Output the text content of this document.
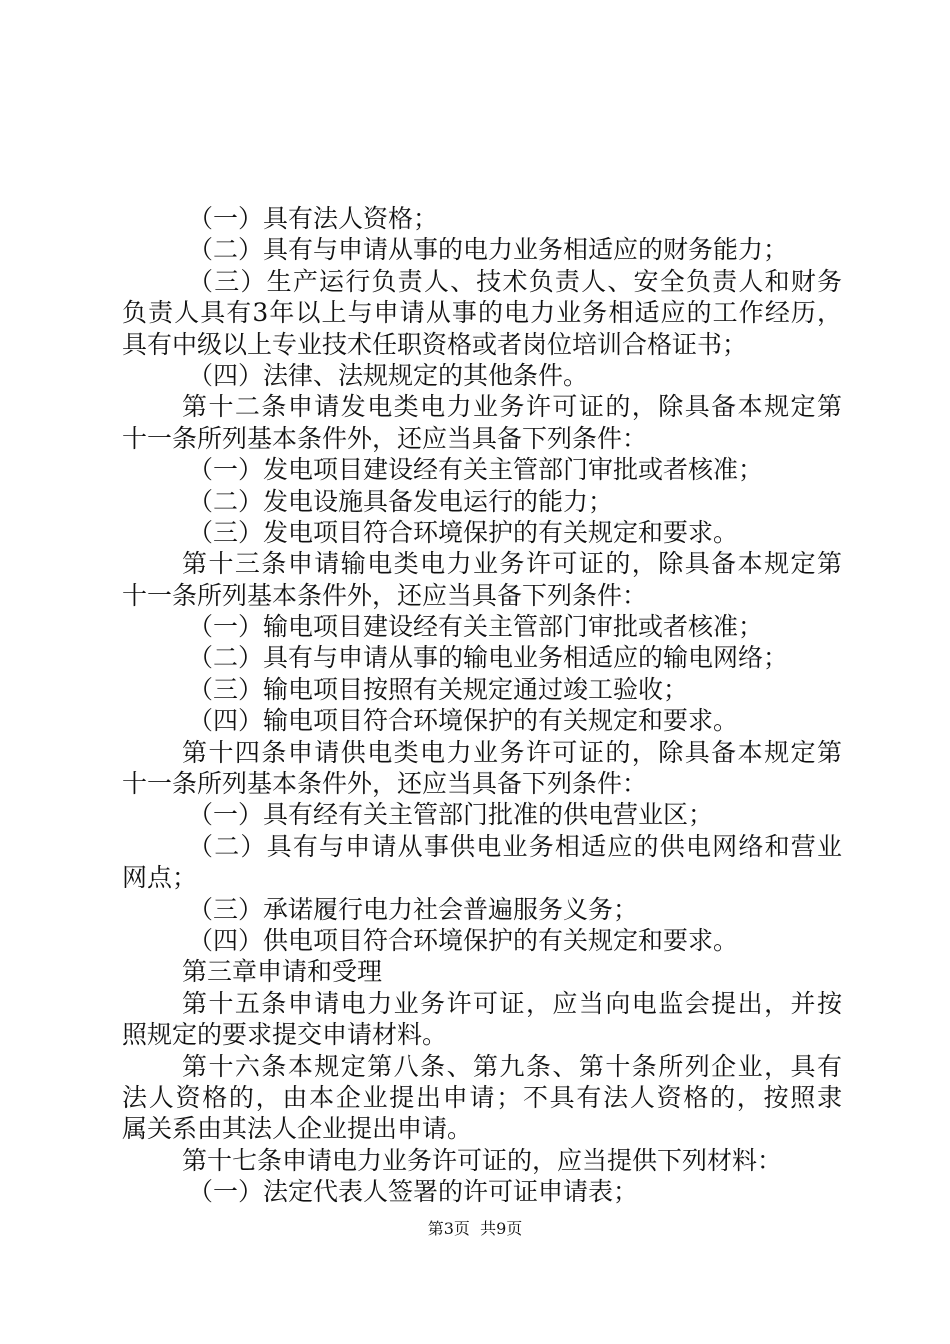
（一）具有法人资格；
（二）具有与申请从事的电力业务相适应的财务能力；
（三）生产运行负责人、技术负责人、安全负责人和财务
负责人具有3年以上与申请从事的电力业务相适应的工作经历，
具有中级以上专业技术任职资格或者岗位培训合格证书；
（四）法律、法规规定的其他条件。
第十二条申请发电类电力业务许可证的，除具备本规定第
十一条所列基本条件外，还应当具备下列条件：
（一）发电项目建设经有关主管部门审批或者核准；
（二）发电设施具备发电运行的能力；
（三）发电项目符合环境保护的有关规定和要求。
第十三条申请输电类电力业务许可证的，除具备本规定第
十一条所列基本条件外，还应当具备下列条件：
（一）输电项目建设经有关主管部门审批或者核准；
（二）具有与申请从事的输电业务相适应的输电网络；
（三）输电项目按照有关规定通过竣工验收；
（四）输电项目符合环境保护的有关规定和要求。
第十四条申请供电类电力业务许可证的，除具备本规定第
十一条所列基本条件外，还应当具备下列条件：
（一）具有经有关主管部门批准的供电营业区；
（二）具有与申请从事供电业务相适应的供电网络和营业
网点；
（三）承诺履行电力社会普遍服务义务；
（四）供电项目符合环境保护的有关规定和要求。
第三章申请和受理
第十五条申请电力业务许可证，应当向电监会提出，并按
照规定的要求提交申请材料。
第十六条本规定第八条、第九条、第十条所列企业，具有
法人资格的，由本企业提出申请；不具有法人资格的，按照隶
属关系由其法人企业提出申请。
第十七条申请电力业务许可证的，应当提供下列材料：
（一）法定代表人签署的许可证申请表；
第3页  共9页
